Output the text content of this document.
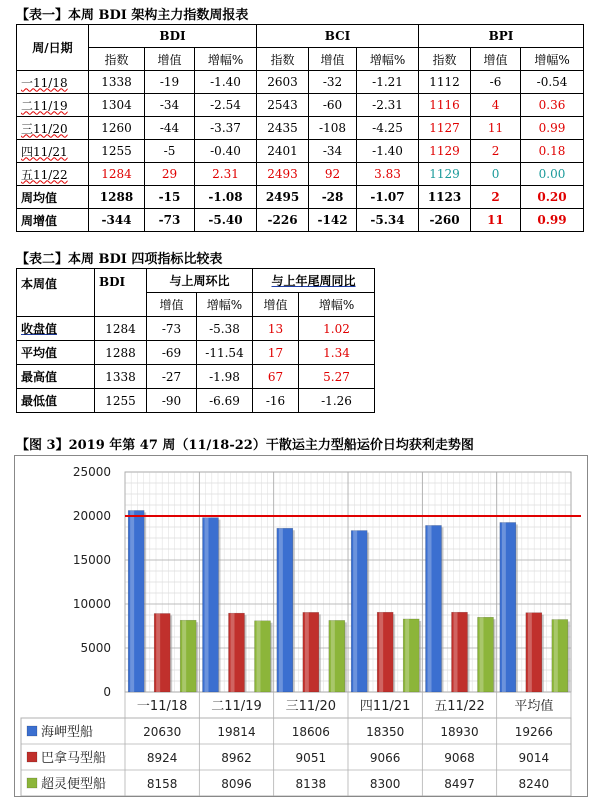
【表一】本周 BDI 架构主力指数周报表
周/日期	BDI			BCI			BPI		
	指数	增值	增幅%	指数	增值	增幅%	指数	增值	增幅%
一11/18	1338	-19	-1.40	2603	-32	-1.21	1112	-6	-0.54
二11/19	1304	-34	-2.54	2543	-60	-2.31	1116	4	0.36
三11/20	1260	-44	-3.37	2435	-108	-4.25	1127	11	0.99
四11/21	1255	-5	-0.40	2401	-34	-1.40	1129	2	0.18
五11/22	1284	29	2.31	2493	92	3.83	1129	0	0.00
周均值	1288	-15	-1.08	2495	-28	-1.07	1123	2	0.20
周增值	-344	-73	-5.40	-226	-142	-5.34	-260	11	0.99
【表二】本周 BDI 四项指标比较表
本周值	BDI	与上周环比		与上年尾周同比	
		增值	增幅%	增值	增幅%
收盘值	1284	-73	-5.38	13	1.02
平均值	1288	-69	-11.54	17	1.34
最高值	1338	-27	-1.98	67	5.27
最低值	1255	-90	-6.69	-16	-1.26
【图 3】2019 年第 47 周（11/18-22）干散运主力型船运价日均获利走势图
25000
20000
15000
10000
5000
0
一11/18 二11/19 三11/20 四11/21 五11/22 平均值
海岬型船	20630	19814	18606	18350	18930	19266
巴拿马型船	8924	8962	9051	9066	9068	9014
超灵便型船	8158	8096	8138	8300	8497	8240
